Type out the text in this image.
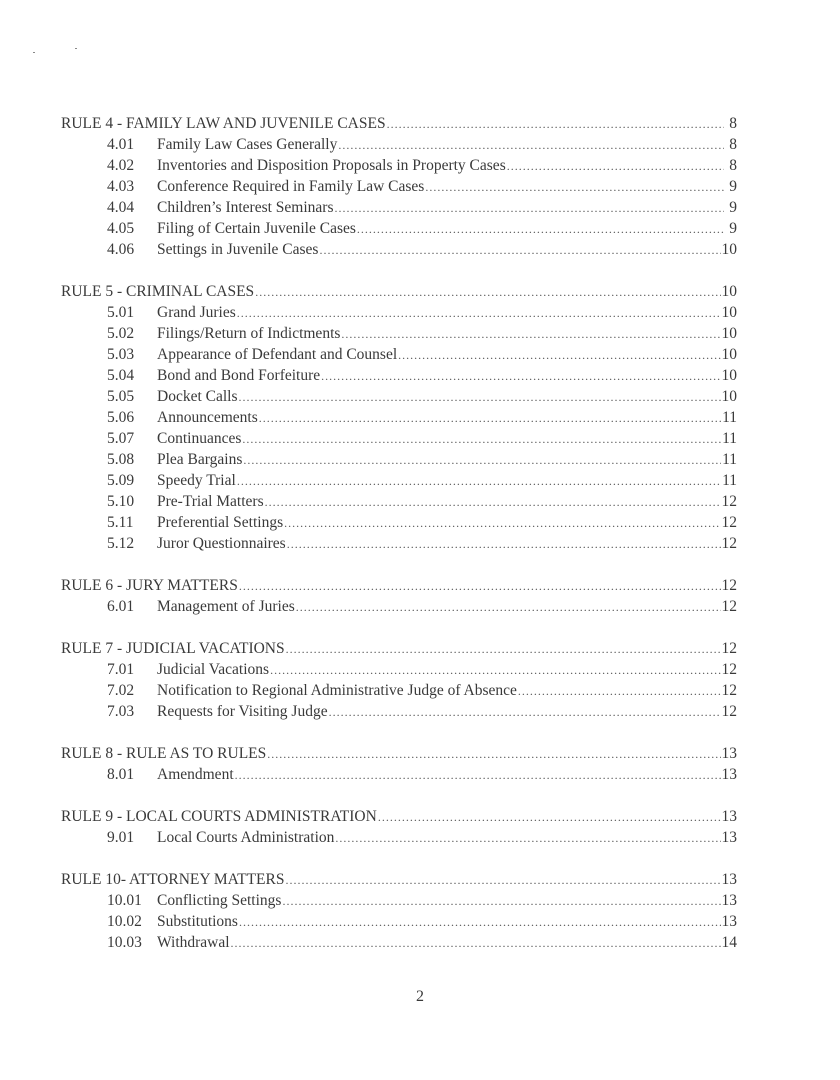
RULE 4 - FAMILY LAW AND JUVENILE CASES .....	8
4.01	Family Law Cases Generally .....	8
4.02	Inventories and Disposition Proposals in Property Cases .....	8
4.03	Conference Required in Family Law Cases .....	9
4.04	Children’s Interest Seminars .....	9
4.05	Filing of Certain Juvenile Cases .....	9
4.06	Settings in Juvenile Cases .....	10
RULE 5 - CRIMINAL CASES .....	10
5.01	Grand Juries .....	10
5.02	Filings/Return of Indictments .....	10
5.03	Appearance of Defendant and Counsel .....	10
5.04	Bond and Bond Forfeiture .....	10
5.05	Docket Calls .....	10
5.06	Announcements .....	11
5.07	Continuances .....	11
5.08	Plea Bargains .....	11
5.09	Speedy Trial .....	11
5.10	Pre-Trial Matters .....	12
5.11	Preferential Settings .....	12
5.12	Juror Questionnaires .....	12
RULE 6 - JURY MATTERS .....	12
6.01	Management of Juries .....	12
RULE 7 - JUDICIAL VACATIONS .....	12
7.01	Judicial Vacations .....	12
7.02	Notification to Regional Administrative Judge of Absence .....	12
7.03	Requests for Visiting Judge .....	12
RULE 8 - RULE AS TO RULES .....	13
8.01	Amendment .....	13
RULE 9 - LOCAL COURTS ADMINISTRATION .....	13
9.01	Local Courts Administration .....	13
RULE 10- ATTORNEY MATTERS .....	13
10.01 Conflicting Settings .....	13
10.02 Substitutions .....	13
10.03 Withdrawal .....	14
2
